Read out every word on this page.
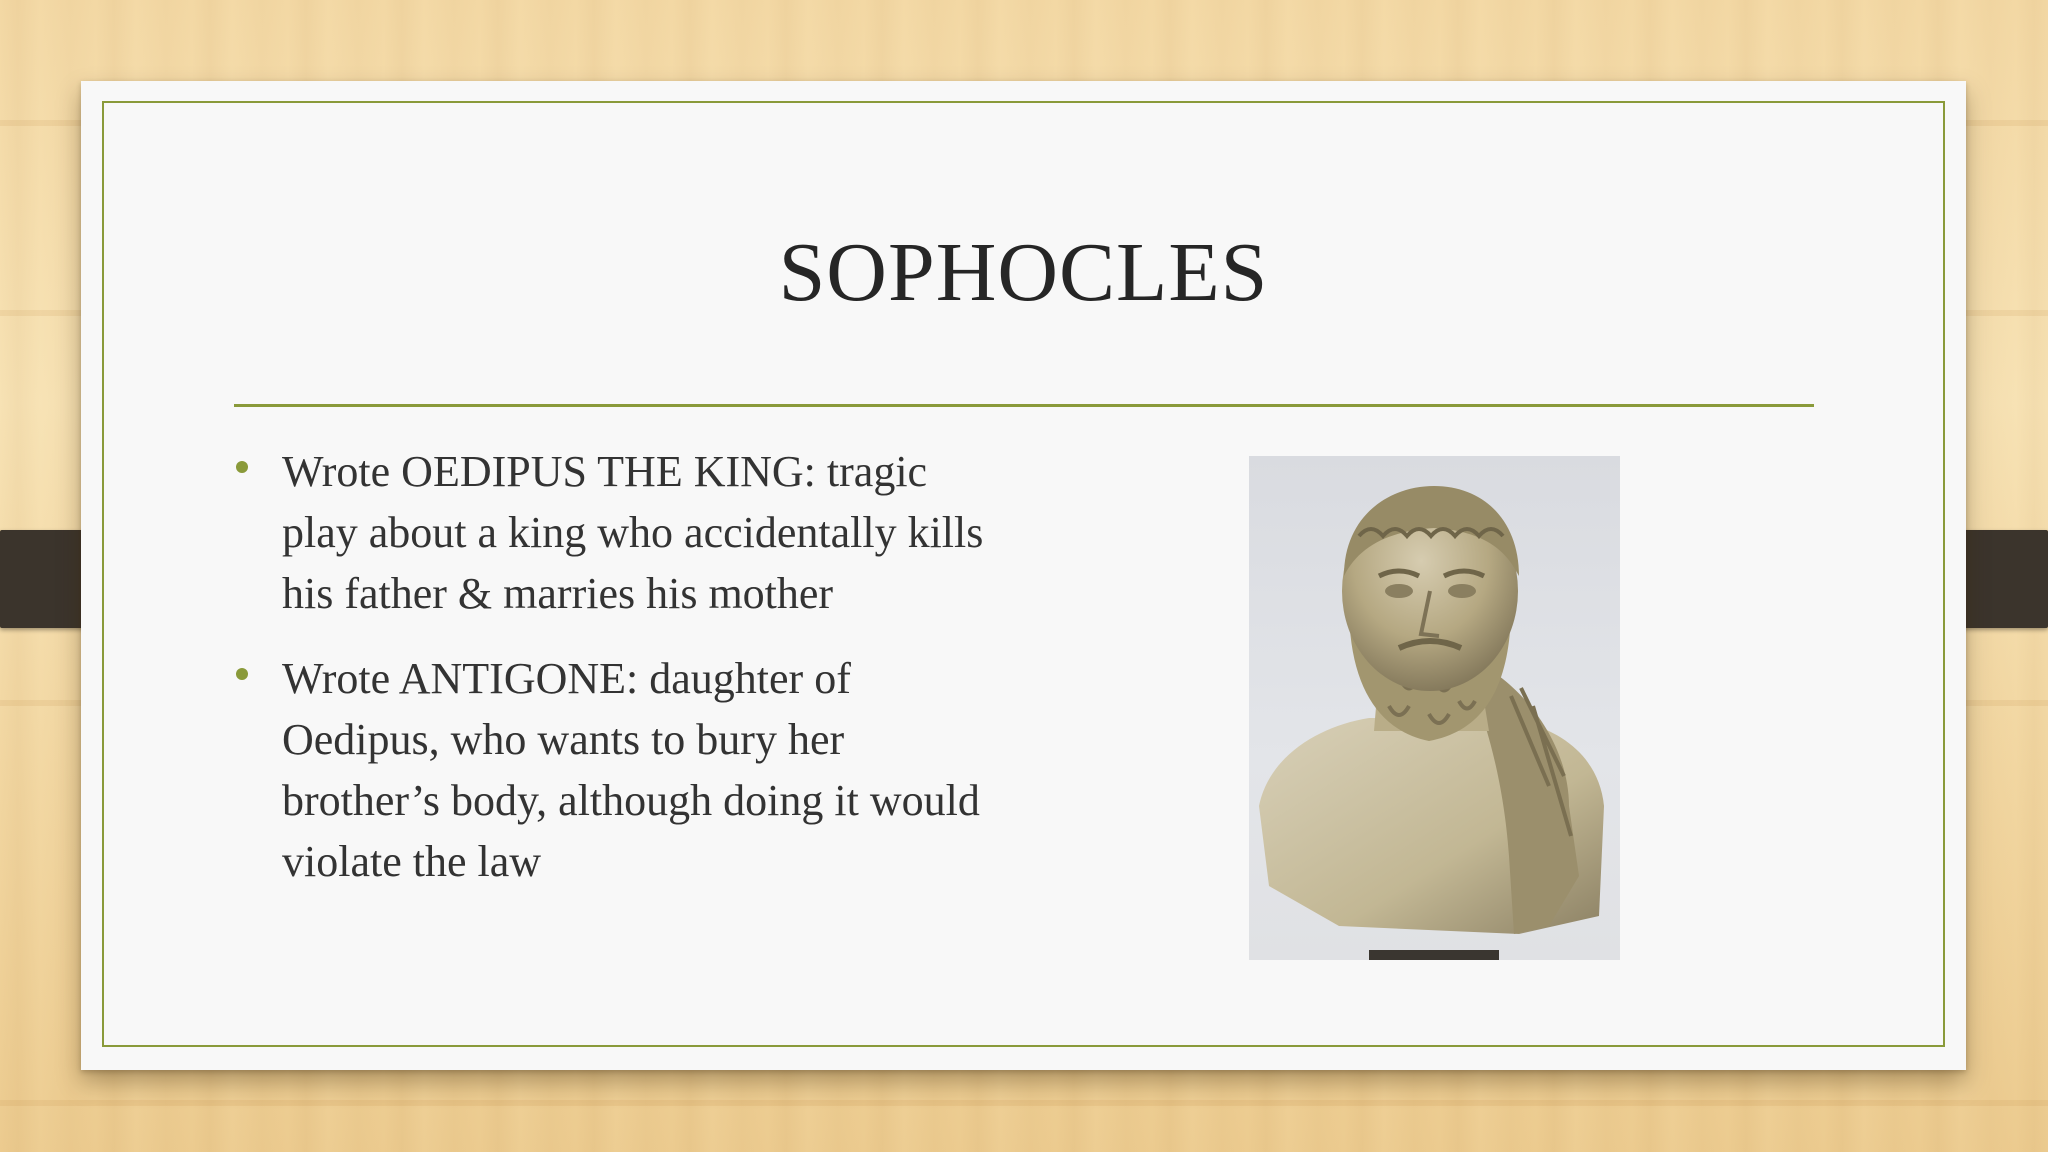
SOPHOCLES
Wrote OEDIPUS THE KING: tragic play about a king who accidentally kills his father & marries his mother
Wrote ANTIGONE: daughter of Oedipus, who wants to bury her brother’s body, although doing it would violate the law
